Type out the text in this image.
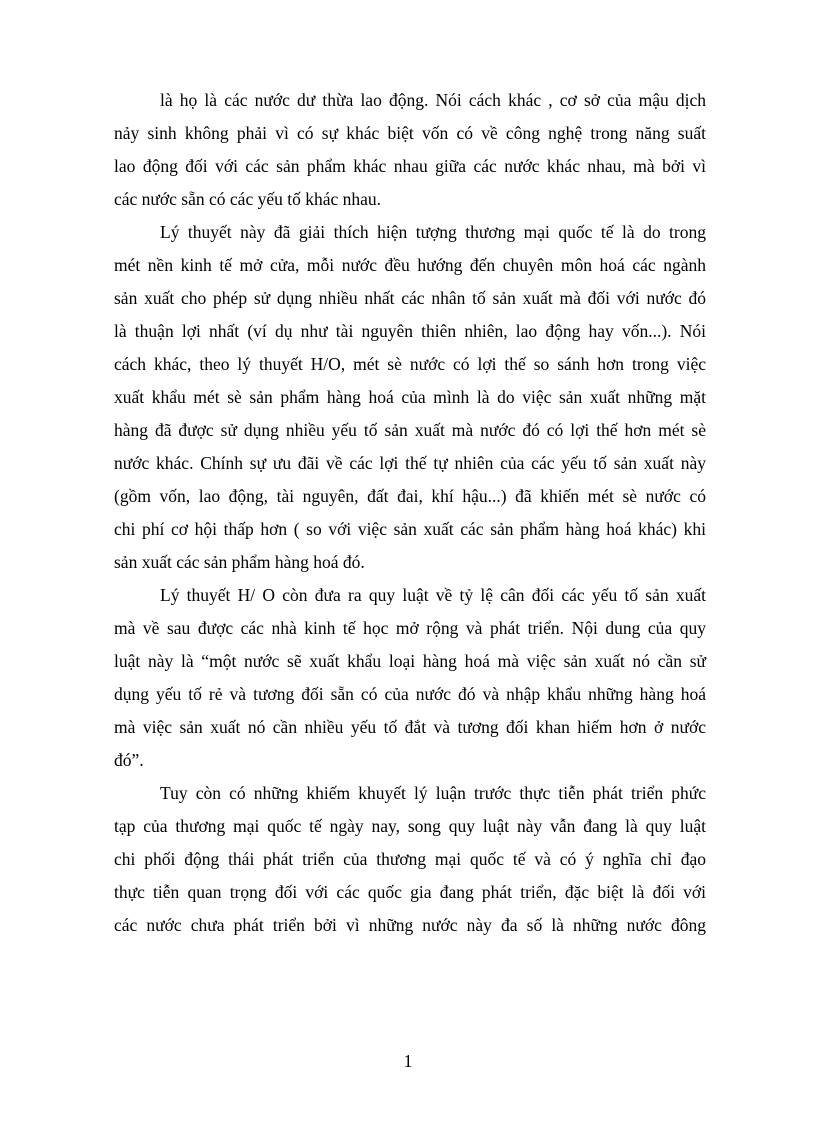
là họ là các nước dư thừa lao động. Nói cách khác , cơ sở của mậu dịch
nảy sinh không phải vì có sự khác biệt vốn có về công nghệ trong năng suất
lao động đối với các sản phẩm khác nhau giữa các nước khác nhau, mà bởi vì
các nước sẵn có các yếu tố khác nhau.
Lý thuyết này đã giải thích hiện tượng thương mại quốc tế là do trong
mét nền kinh tế mở cửa, mỗi nước đều hướng đến chuyên môn hoá các ngành
sản xuất cho phép sử dụng nhiều nhất các nhân tố sản xuất mà đối với nước đó
là thuận lợi nhất (ví dụ như tài nguyên thiên nhiên, lao động hay vốn...). Nói
cách khác, theo lý thuyết H/O, mét sè nước có lợi thế so sánh hơn trong việc
xuất khẩu mét sè sản phẩm hàng hoá của mình là do việc sản xuất những mặt
hàng đã được sử dụng nhiều yếu tố sản xuất mà nước đó có lợi thế hơn mét sè
nước khác. Chính sự ưu đãi về các lợi thế tự nhiên của các yếu tố sản xuất này
(gồm vốn, lao động, tài nguyên, đất đai, khí hậu...) đã khiến mét sè nước có
chi phí cơ hội thấp hơn ( so với việc sản xuất các sản phẩm hàng hoá khác) khi
sản xuất các sản phẩm hàng hoá đó.
Lý thuyết H/ O còn đưa ra quy luật về tỷ lệ cân đối các yếu tố sản xuất
mà về sau được các nhà kinh tế học mở rộng và phát triển. Nội dung của quy
luật này là “một nước sẽ xuất khẩu loại hàng hoá mà việc sản xuất nó cần sử
dụng yếu tố rẻ và tương đối sẵn có của nước đó và nhập khẩu những hàng hoá
mà việc sản xuất nó cần nhiều yếu tố đắt và tương đối khan hiếm hơn ở nước
đó”.
Tuy còn có những khiếm khuyết lý luận trước thực tiễn phát triển phức
tạp của thương mại quốc tế ngày nay, song quy luật này vẫn đang là quy luật
chi phối động thái phát triển của thương mại quốc tế và có ý nghĩa chỉ đạo
thực tiễn quan trọng đối với các quốc gia đang phát triển, đặc biệt là đối với
các nước chưa phát triển bởi vì những nước này đa số là những nước đông
1
